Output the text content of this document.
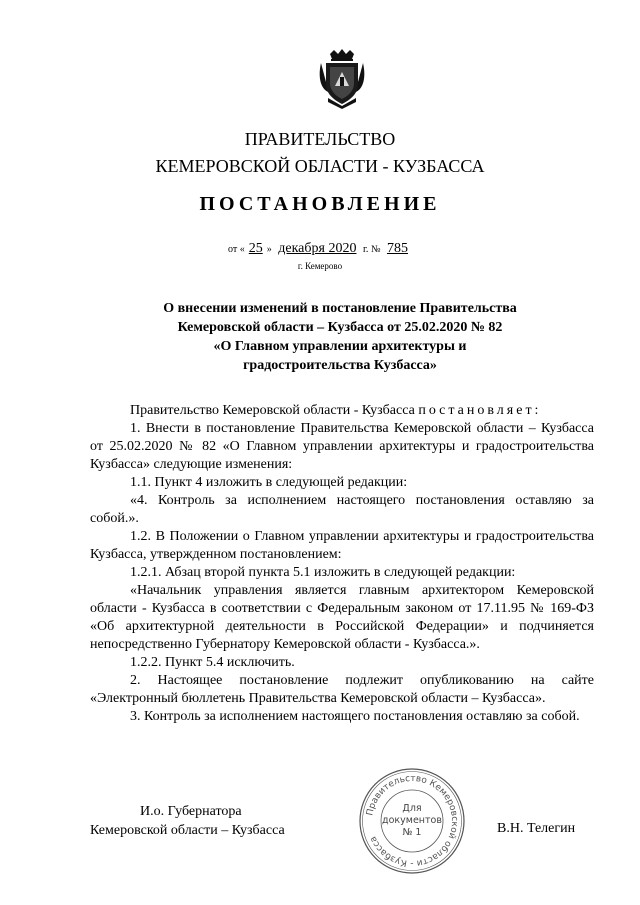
ПРАВИТЕЛЬСТВО
КЕМЕРОВСКОЙ ОБЛАСТИ - КУЗБАССА
ПОСТАНОВЛЕНИЕ
от « 25 » декабря 2020 г. № 785
г. Кемерово
О внесении изменений в постановление Правительства
Кемеровской области – Кузбасса от 25.02.2020 № 82
«О Главном управлении архитектуры и
градостроительства Кузбасса»

Правительство Кемеровской области - Кузбасса постановляет:

1. Внести в постановление Правительства Кемеровской области – Кузбасса от 25.02.2020 № 82 «О Главном управлении архитектуры и градостроительства Кузбасса» следующие изменения:

1.1. Пункт 4 изложить в следующей редакции:

«4. Контроль за исполнением настоящего постановления оставляю за собой.».

1.2. В Положении о Главном управлении архитектуры и градостроительства Кузбасса, утвержденном постановлением:

1.2.1. Абзац второй пункта 5.1 изложить в следующей редакции:

«Начальник управления является главным архитектором Кемеровской области - Кузбасса в соответствии с Федеральным законом от 17.11.95 № 169-ФЗ «Об архитектурной деятельности в Российской Федерации» и подчиняется непосредственно Губернатору Кемеровской области - Кузбасса.».

1.2.2. Пункт 5.4 исключить.

2. Настоящее постановление подлежит опубликованию на сайте «Электронный бюллетень Правительства Кемеровской области – Кузбасса».

3. Контроль за исполнением настоящего постановления оставляю за собой.

И.о. Губернатора
Кемеровской области – Кузбасса
Правительство Кемеровской области - Кузбасса
Для
документов
№ 1	В.Н. Телегин
